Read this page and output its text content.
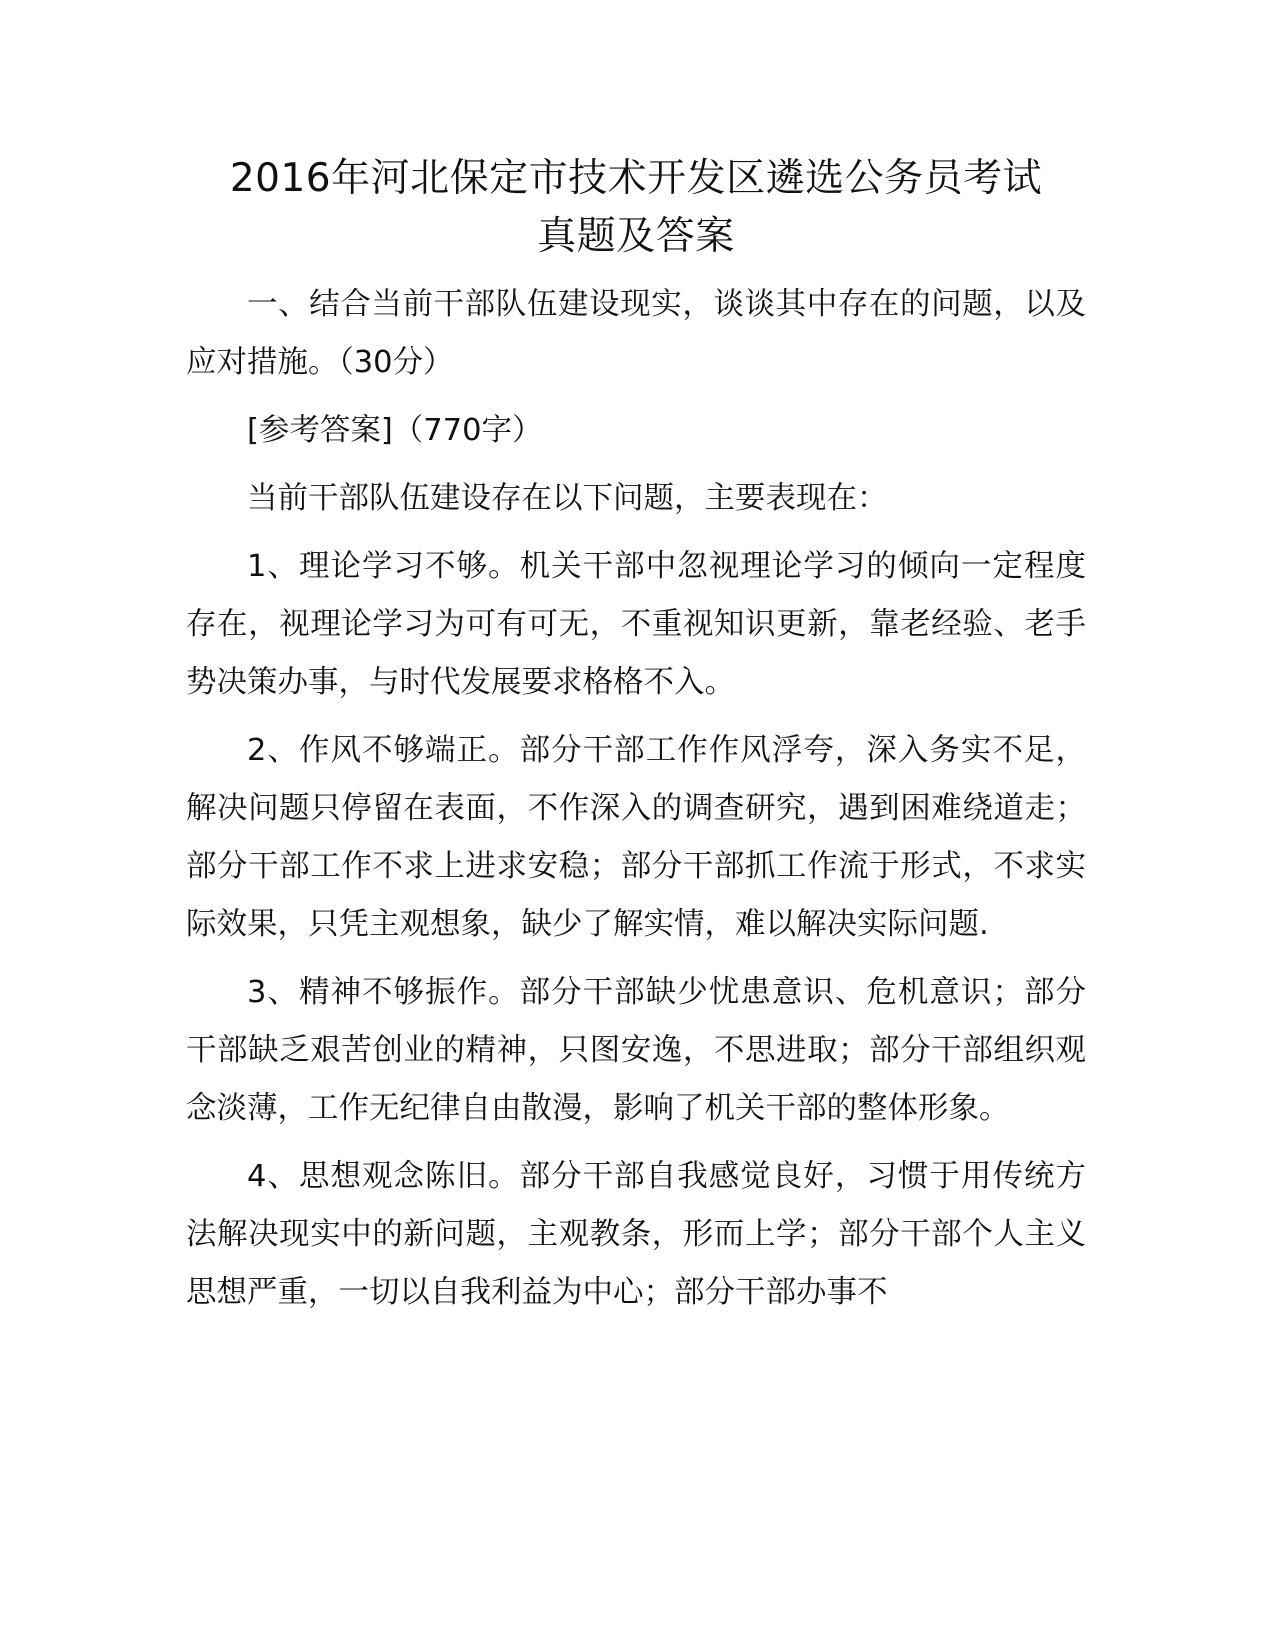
2016年河北保定市技术开发区遴选公务员考试
真题及答案

一、结合当前干部队伍建设现实，谈谈其中存在的问题，以及应对措施。（30分）

[参考答案]（770字）

当前干部队伍建设存在以下问题，主要表现在：

1、理论学习不够。机关干部中忽视理论学习的倾向一定程度存在，视理论学习为可有可无，不重视知识更新，靠老经验、老手势决策办事，与时代发展要求格格不入。

2、作风不够端正。部分干部工作作风浮夸，深入务实不足，解决问题只停留在表面，不作深入的调查研究，遇到困难绕道走；部分干部工作不求上进求安稳；部分干部抓工作流于形式，不求实际效果，只凭主观想象，缺少了解实情，难以解决实际问题.

3、精神不够振作。部分干部缺少忧患意识、危机意识；部分干部缺乏艰苦创业的精神，只图安逸，不思进取；部分干部组织观念淡薄，工作无纪律自由散漫，影响了机关干部的整体形象。

4、思想观念陈旧。部分干部自我感觉良好，习惯于用传统方法解决现实中的新问题，主观教条，形而上学；部分干部个人主义思想严重，一切以自我利益为中心；部分干部办事不
